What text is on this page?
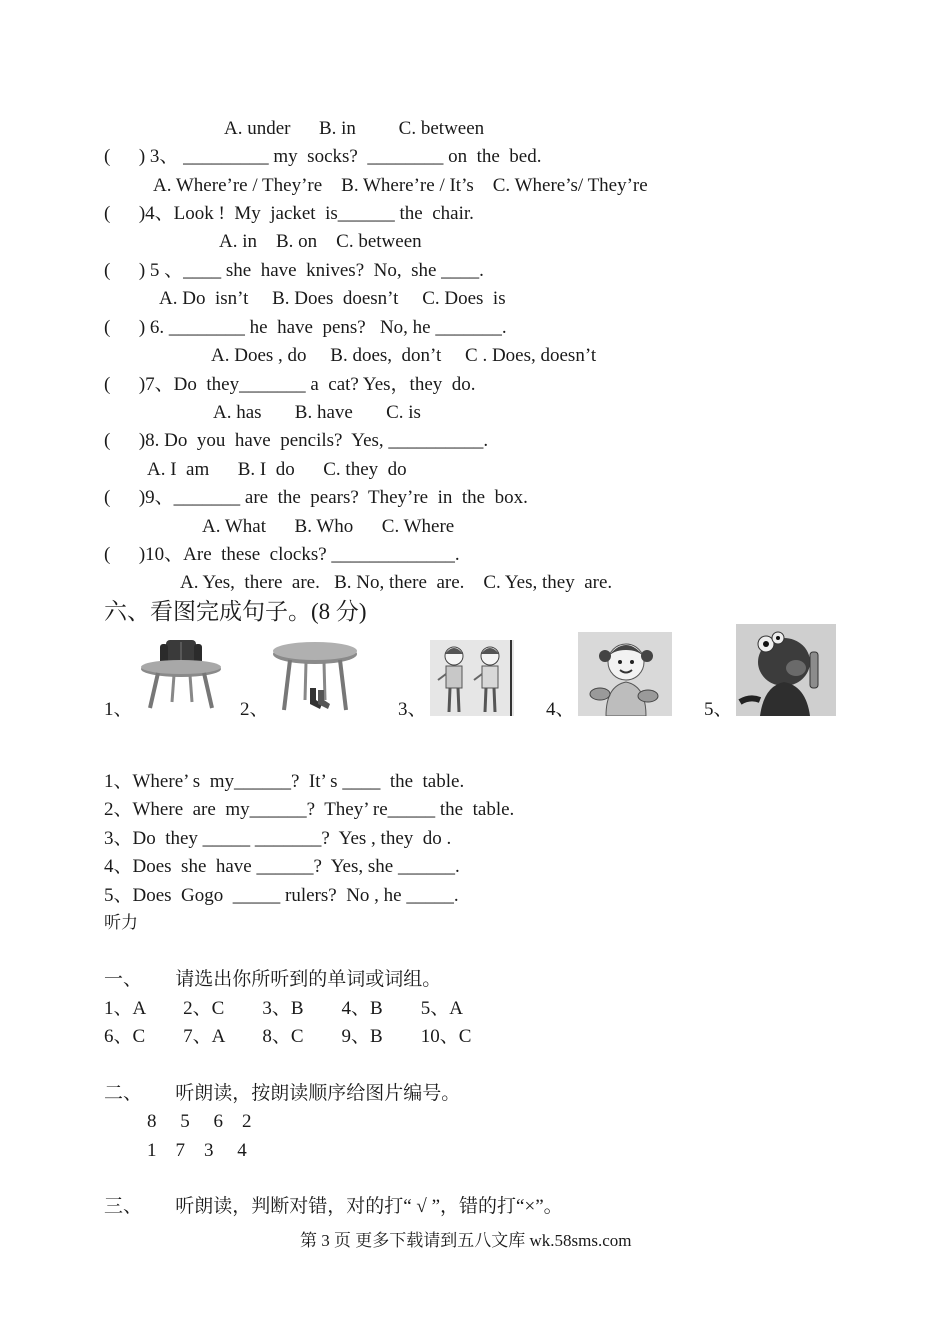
A. under      B. in         C. between
(      ) 3、 _________ my  socks?  ________ on  the  bed.
A. Where’re / They’re    B. Where’re / It’s    C. Where’s/ They’re
(      )4、Look !  My  jacket  is______ the  chair.
A. in    B. on    C. between
(      ) 5 、____ she  have  knives?  No,  she ____.
A. Do  isn’t     B. Does  doesn’t     C. Does  is
(      ) 6. ________ he  have  pens?   No, he _______.
A. Does , do     B. does,  don’t     C . Does, doesn’t
(      )7、Do  they_______ a  cat? Yes，they  do.
A. has       B. have       C. is
(      )8. Do  you  have  pencils?  Yes, __________.
A. I  am      B. I  do      C. they  do
(      )9、_______ are  the  pears?  They’re  in  the  box.
A. What      B. Who      C. Where
(      )10、Are  these  clocks? _____________.
A. Yes,  there  are.   B. No, there  are.    C. Yes, they  are.
六、看图完成句子。(8 分)
1、	2、	3、	4、	5、
1、Where’ s  my______?  It’ s ____  the  table.
2、Where  are  my______?  They’ re_____ the  table.
3、Do  they _____ _______?  Yes , they  do .
4、Does  she  have ______?  Yes, she ______.
5、Does  Gogo  _____ rulers?  No , he _____.
听力
一、       请选出你所听到的单词或词组。
1、A        2、C        3、B        4、B        5、A
6、C        7、A        8、C        9、B        10、C
二、       听朗读，按朗读顺序给图片编号。
8     5     6    2
1    7    3     4
三、       听朗读，判断对错，对的打“ √ ”，错的打“×”。
第 3 页 更多下载请到五八文库 wk.58sms.com
